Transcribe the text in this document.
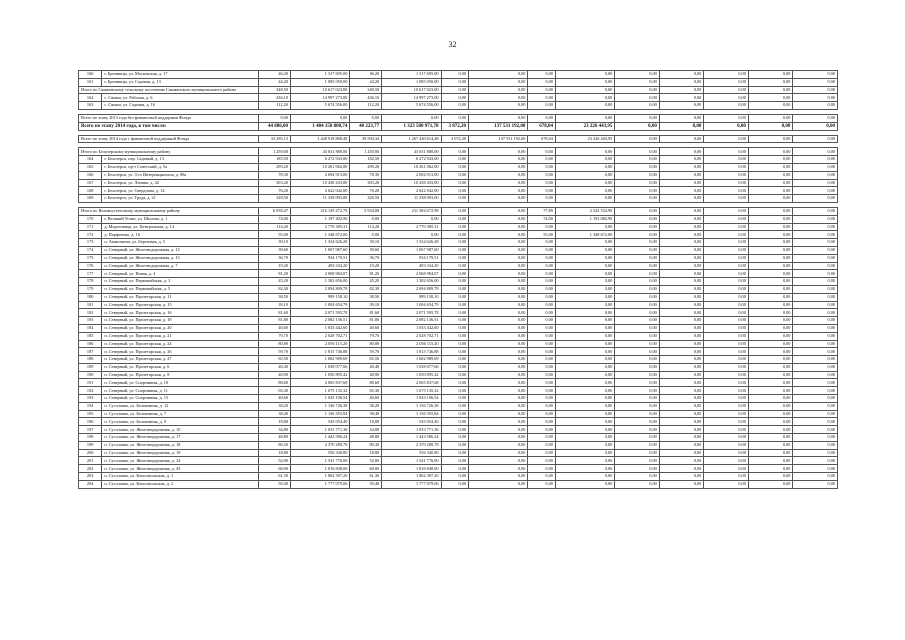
32
160	г. Бронницы, ул. Московская, д. 17	46,20	1 317 695,00	46,20	1 317 695,00	0,00	0,00	0,00	0,00	0,00	0,00	0,00	0,00	0,00
161	г. Бронницы, ул. Садовая, д. 13	44,20	1 085 050,00	44,20	1 085 050,00	0,00	0,00	0,00	0,00	0,00	0,00	0,00	0,00	0,00
Итого по Сямженскому сельскому поселению Сямженского муниципального района		348,50	10 617 023,00	348,50	10 617 023,00	0,00	0,00	0,00	0,00	0,00	0,00	0,00	0,00	0,00
162	с. Сямжа, ул. Рабочая, д. 6	436,10	14 997 273,00	436,10	14 997 273,00	0,00	0,00	0,00	0,00	0,00	0,00	0,00	0,00	0,00
163	с. Сямжа, ул. Садовая, д. 16	112,20	5 674 556,00	112,20	5 674 556,00	0,00	0,00	0,00	0,00	0,00	0,00	0,00	0,00	0,00

Всего по этапу 2013 года без финансовой поддержки Фонда		0,00	0,00	0,00	0,00	0,00	0,00	0,00	0,00	0,00	0,00	0,00	0,00	0,00
Всего по этапу 2014 года, в том числе:		44 886,00	1 484 158 808,74	40 223,77	1 323 580 971,78	3 872,20	137 531 192,00	678,04	23 226 443,95	0,00	0,00	0,00	0,00	0,00

Всего по этапу 2014 года с финансовой поддержкой Фонда		33 285,13	1 428 918 868,48	39 594,34	1 267 440 614,48	3 072,20	137 531 192,00	678,04	23 226 443,95	0,00	0,00	0,00	0,00	0,00

Итого по Белозерскому муниципальному району		1 250,00	43 631 880,00	1 250,00	43 631 880,00	0,00	0,00	0,00	0,00	0,00	0,00	0,00	0,00	0,00
164	г. Белозерск, пер. Садовый, д. 13	185,50	6 272 943,00	182,50	6 272 943,00	0,00	0,00	0,00	0,00	0,00	0,00	0,00	0,00	0,00
165	г. Белозерск, пр-т Советский, д. 5а	299,20	10 261 062,00	299,20	10 261 062,00	0,00	0,00	0,00	0,00	0,00	0,00	0,00	0,00	0,00
166	г. Белозерск, ул. 3-го Интернационала, д. 88а	78,30	2 694 913,00	78,30	2 694 913,00	0,00	0,00	0,00	0,00	0,00	0,00	0,00	0,00	0,00
167	г. Белозерск, ул. Ленина, д. 42	303,20	10 438 433,00	303,20	10 438 433,00	0,00	0,00	0,00	0,00	0,00	0,00	0,00	0,00	0,00
168	г. Белозерск, ул. Свердлова, д. 14	76,20	2 622 042,00	76,20	2 622 042,00	0,00	0,00	0,00	0,00	0,00	0,00	0,00	0,00	0,00
169	г. Белозерск, ул. Труда, д. 21	328,50	11 338 093,00	328,50	11 338 093,00	0,00	0,00	0,00	0,00	0,00	0,00	0,00	0,00	0,00

Итого по Великоустюгскому муниципальному району		6 058,47	216 129 472,78	5 934,88	211 584 672,98	0,00	0,00	77,89	2 542 534,90	0,00	0,00	0,00	0,00	0,00
170	г. Великий Устюг, ул. Шилова, д. 1	74,00	1 197 402,90	0,00	0,00	0,00	0,00	74,00	1 193 082,90	0,00	0,00	0,00	0,00	0,00
171	д. Морозовица, ул. Центральная, д. 14	114,20	2 770 385,31	114,20	2 770 385,31	0,00	0,00	0,00	0,00	0,00	0,00	0,00	0,00	0,00
172	д. Парфеново, д. 16	55,00	1 348 672,00	0,00	0,00	0,00	0,00	55,00	1 348 672,00	0,00	0,00	0,00	0,00	0,00
173	п. Аммонитка, ул. Березовая, д. 5	39,10	1 334 626,28	39,10	1 334 626,28	0,00	0,00	0,00	0,00	0,00	0,00	0,00	0,00	0,00
174	п. Северный, ул. Железнодорожная, д. 12	39,60	1 067 987,60	39,60	1 067 987,60	0,00	0,00	0,00	0,00	0,00	0,00	0,00	0,00	0,00
175	п. Северный, ул. Железнодорожная, д. 15	36,70	934 179,51	36,70	934 179,51	0,00	0,00	0,00	0,00	0,00	0,00	0,00	0,00	0,00
176	п. Северный, ул. Железнодорожная, д. 7	19,20	493 334,20	19,20	493 334,20	0,00	0,00	0,00	0,00	0,00	0,00	0,00	0,00	0,00
177	п. Северный, ул. Новая, д. 4	81,20	2 068 984,07	81,20	2 068 984,07	0,00	0,00	0,00	0,00	0,00	0,00	0,00	0,00	0,00
178	п. Северный, ул. Первомайская, д. 3	45,20	1 382 656,00	45,20	1 382 656,00	0,00	0,00	0,00	0,00	0,00	0,00	0,00	0,00	0,00
179	п. Северный, ул. Первомайская, д. 5	82,30	2 094 809,78	82,30	2 094 809,78	0,00	0,00	0,00	0,00	0,00	0,00	0,00	0,00	0,00
180	п. Северный, ул. Пролетарская, д. 11	38,50	989 158,10	38,50	989 158,10	0,00	0,00	0,00	0,00	0,00	0,00	0,00	0,00	0,00
181	п. Северный, ул. Пролетарская, д. 15	39,10	1 004 654,79	39,10	1 004 654,79	0,00	0,00	0,00	0,00	0,00	0,00	0,00	0,00	0,00
182	п. Северный, ул. Пролетарская, д. 16	81,60	2 071 595,78	81,60	2 071 595,78	0,00	0,00	0,00	0,00	0,00	0,00	0,00	0,00	0,00
183	п. Северный, ул. Пролетарская, д. 18	81,80	2 082 136,51	81,80	2 082 136,51	0,00	0,00	0,00	0,00	0,00	0,00	0,00	0,00	0,00
184	п. Северный, ул. Пролетарская, д. 20	40,60	1 033 442,60	40,60	1 033 442,60	0,00	0,00	0,00	0,00	0,00	0,00	0,00	0,00	0,00
185	п. Северный, ул. Пролетарская, д. 21	79,70	2 028 702,71	79,70	2 028 702,71	0,00	0,00	0,00	0,00	0,00	0,00	0,00	0,00	0,00
186	п. Северный, ул. Пролетарская, д. 24	80,80	2 056 115,20	80,80	2 056 115,20	0,00	0,00	0,00	0,00	0,00	0,00	0,00	0,00	0,00
187	п. Северный, ул. Пролетарская, д. 26	59,70	1 815 746,88	59,70	1 815 746,88	0,00	0,00	0,00	0,00	0,00	0,00	0,00	0,00	0,00
188	п. Северный, ул. Пролетарская, д. 27	65,50	1 682 989,69	65,50	1 682 989,69	0,00	0,00	0,00	0,00	0,00	0,00	0,00	0,00	0,00
189	п. Северный, ул. Пролетарская, д. 6	40,40	1 038 077,66	40,40	1 038 077,66	0,00	0,00	0,00	0,00	0,00	0,00	0,00	0,00	0,00
190	п. Северный, ул. Пролетарская, д. 8	40,90	1 050 895,42	40,90	1 050 895,42	0,00	0,00	0,00	0,00	0,00	0,00	0,00	0,00	0,00
191	п. Северный, ул. Спортивная, д. 10	80,60	2 065 837,68	80,60	2 065 837,68	0,00	0,00	0,00	0,00	0,00	0,00	0,00	0,00	0,00
192	п. Северный, ул. Спортивная, д. 11	65,30	1 675 135,32	65,30	1 675 135,32	0,00	0,00	0,00	0,00	0,00	0,00	0,00	0,00	0,00
193	п. Северный, ул. Спортивная, д. 15	40,60	1 043 196,54	40,60	1 043 196,54	0,00	0,00	0,00	0,00	0,00	0,00	0,00	0,00	0,00
194	п. Сусоловка, ул. Белоконная, д. 12	38,20	1 136 726,38	38,20	1 136 726,38	0,00	0,00	0,00	0,00	0,00	0,00	0,00	0,00	0,00
195	п. Сусоловка, ул. Белоконная, д. 7	38,40	1 136 355,84	38,40	1 136 355,84	0,00	0,00	0,00	0,00	0,00	0,00	0,00	0,00	0,00
196	п. Сусоловка, ул. Белоконная, д. 9	18,80	545 054,40	18,80	545 054,40	0,00	0,00	0,00	0,00	0,00	0,00	0,00	0,00	0,00
197	п. Сусоловка, ул. Железнодорожная, д. 10	34,80	1 033 771,36	34,80	1 033 771,36	0,00	0,00	0,00	0,00	0,00	0,00	0,00	0,00	0,00
198	п. Сусоловка, ул. Железнодорожная, д. 17	48,80	1 443 586,24	48,80	1 443 586,24	0,00	0,00	0,00	0,00	0,00	0,00	0,00	0,00	0,00
199	п. Сусоловка, ул. Железнодорожная, д. 18	80,30	2 370 288,78	80,30	2 370 288,78	0,00	0,00	0,00	0,00	0,00	0,00	0,00	0,00	0,00
200	п. Сусоловка, ул. Железнодорожная, д. 19	18,80	556 340,80	18,80	556 340,80	0,00	0,00	0,00	0,00	0,00	0,00	0,00	0,00	0,00
201	п. Сусоловка, ул. Железнодорожная, д. 24	52,00	1 541 776,00	52,00	1 541 776,00	0,00	0,00	0,00	0,00	0,00	0,00	0,00	0,00	0,00
202	п. Сусоловка, ул. Железнодорожная, д. 45	60,00	1 816 848,00	60,00	1 816 848,00	0,00	0,00	0,00	0,00	0,00	0,00	0,00	0,00	0,00
203	п. Сусоловка, ул. Комсомольская, д. 1	61,30	1 862 397,20	61,30	1 862 397,20	0,00	0,00	0,00	0,00	0,00	0,00	0,00	0,00	0,00
204	п. Сусоловка, ул. Комсомольская, д. 2	59,40	1 777 079,06	59,40	1 777 079,06	0,00	0,00	0,00	0,00	0,00	0,00	0,00	0,00	0,00
